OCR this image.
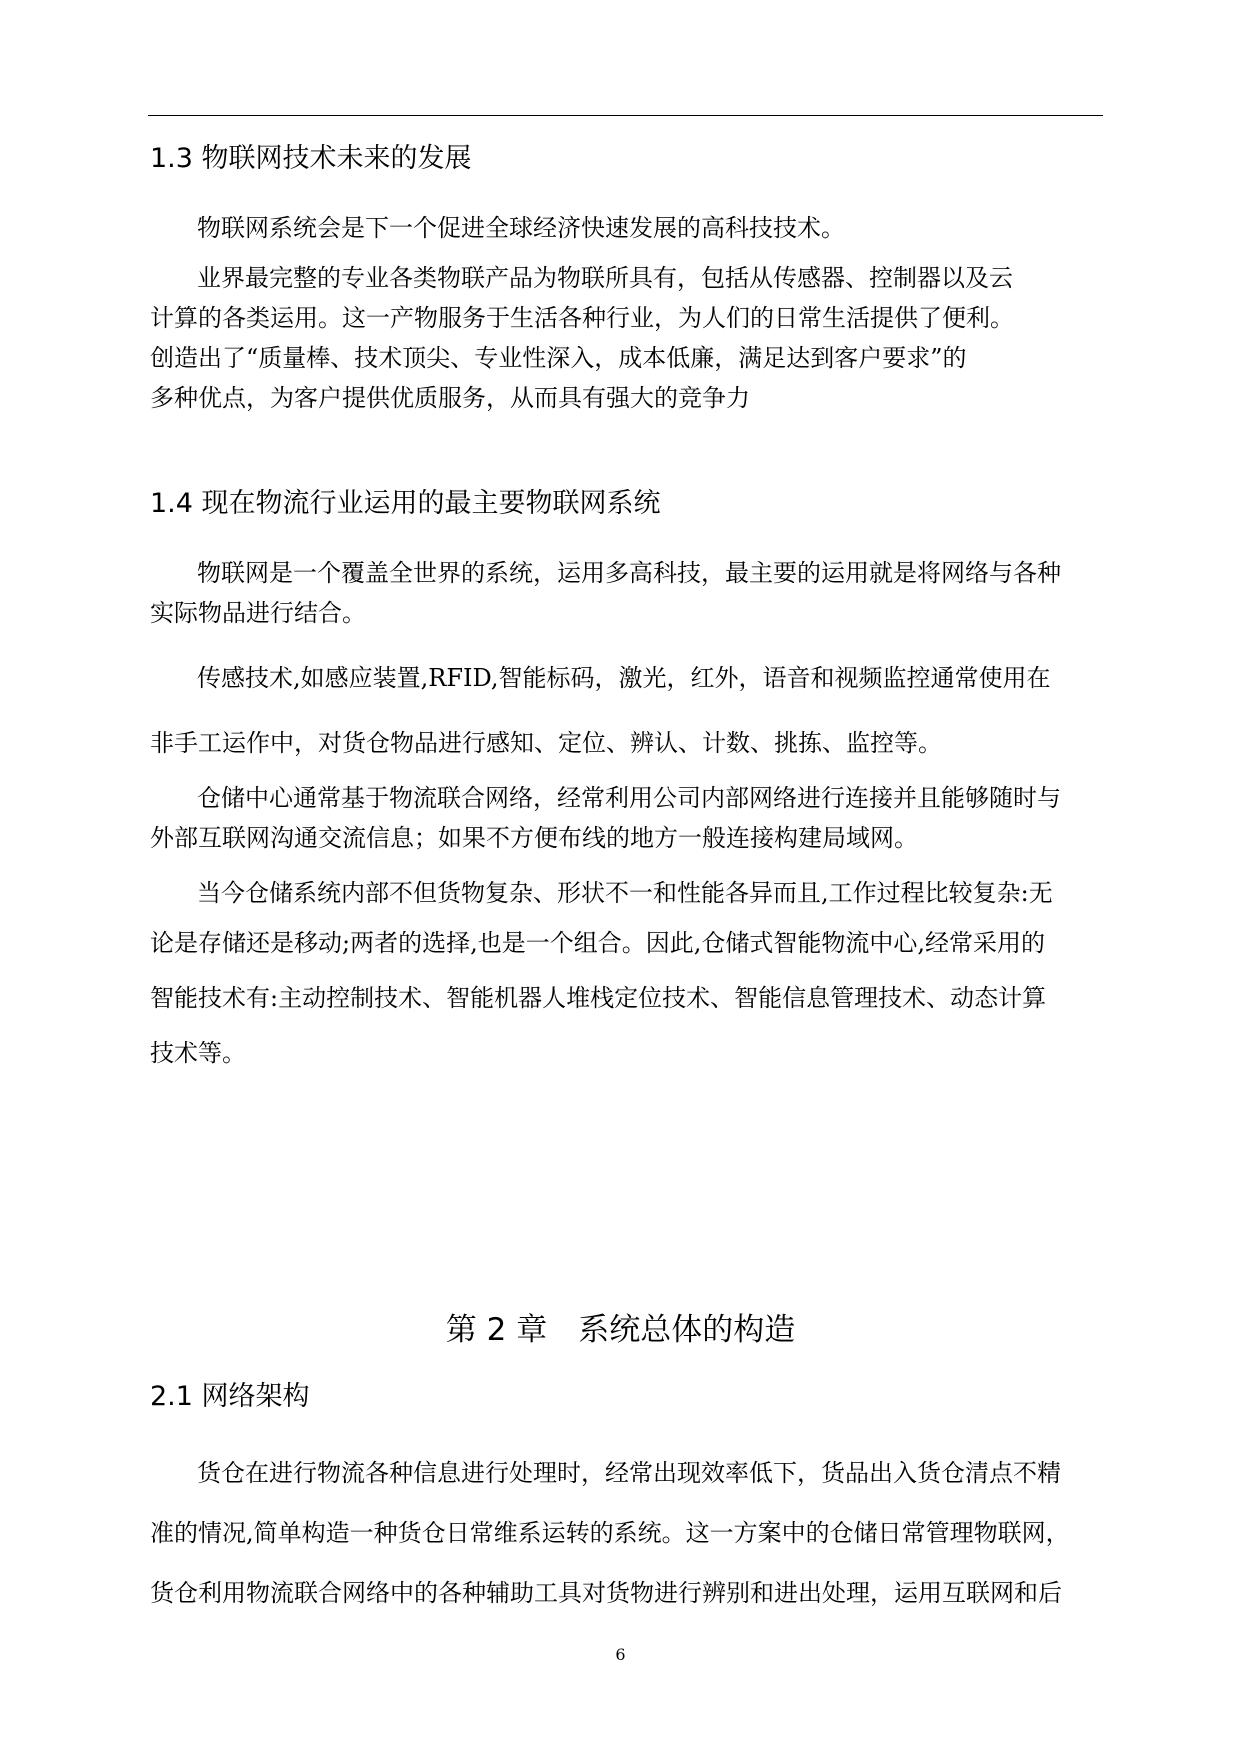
1.3 物联网技术未来的发展
物联网系统会是下一个促进全球经济快速发展的高科技技术。
业界最完整的专业各类物联产品为物联所具有，包括从传感器、控制器以及云
计算的各类运用。这一产物服务于生活各种行业，为人们的日常生活提供了便利。
创造出了“质量棒、技术顶尖、专业性深入，成本低廉，满足达到客户要求”的
多种优点，为客户提供优质服务，从而具有强大的竞争力
1.4 现在物流行业运用的最主要物联网系统
物联网是一个覆盖全世界的系统，运用多高科技，最主要的运用就是将网络与各种
实际物品进行结合。
传感技术,如感应装置,RFID,智能标码，激光，红外，语音和视频监控通常使用在
非手工运作中，对货仓物品进行感知、定位、辨认、计数、挑拣、监控等。
仓储中心通常基于物流联合网络，经常利用公司内部网络进行连接并且能够随时与
外部互联网沟通交流信息；如果不方便布线的地方一般连接构建局域网。
当今仓储系统内部不但货物复杂、形状不一和性能各异而且,工作过程比较复杂:无
论是存储还是移动;两者的选择,也是一个组合。因此,仓储式智能物流中心,经常采用的
智能技术有:主动控制技术、智能机器人堆栈定位技术、智能信息管理技术、动态计算
技术等。
第 2 章　系统总体的构造
2.1 网络架构
货仓在进行物流各种信息进行处理时，经常出现效率低下，货品出入货仓清点不精
准的情况,简单构造一种货仓日常维系运转的系统。这一方案中的仓储日常管理物联网，
货仓利用物流联合网络中的各种辅助工具对货物进行辨别和进出处理，运用互联网和后
6
